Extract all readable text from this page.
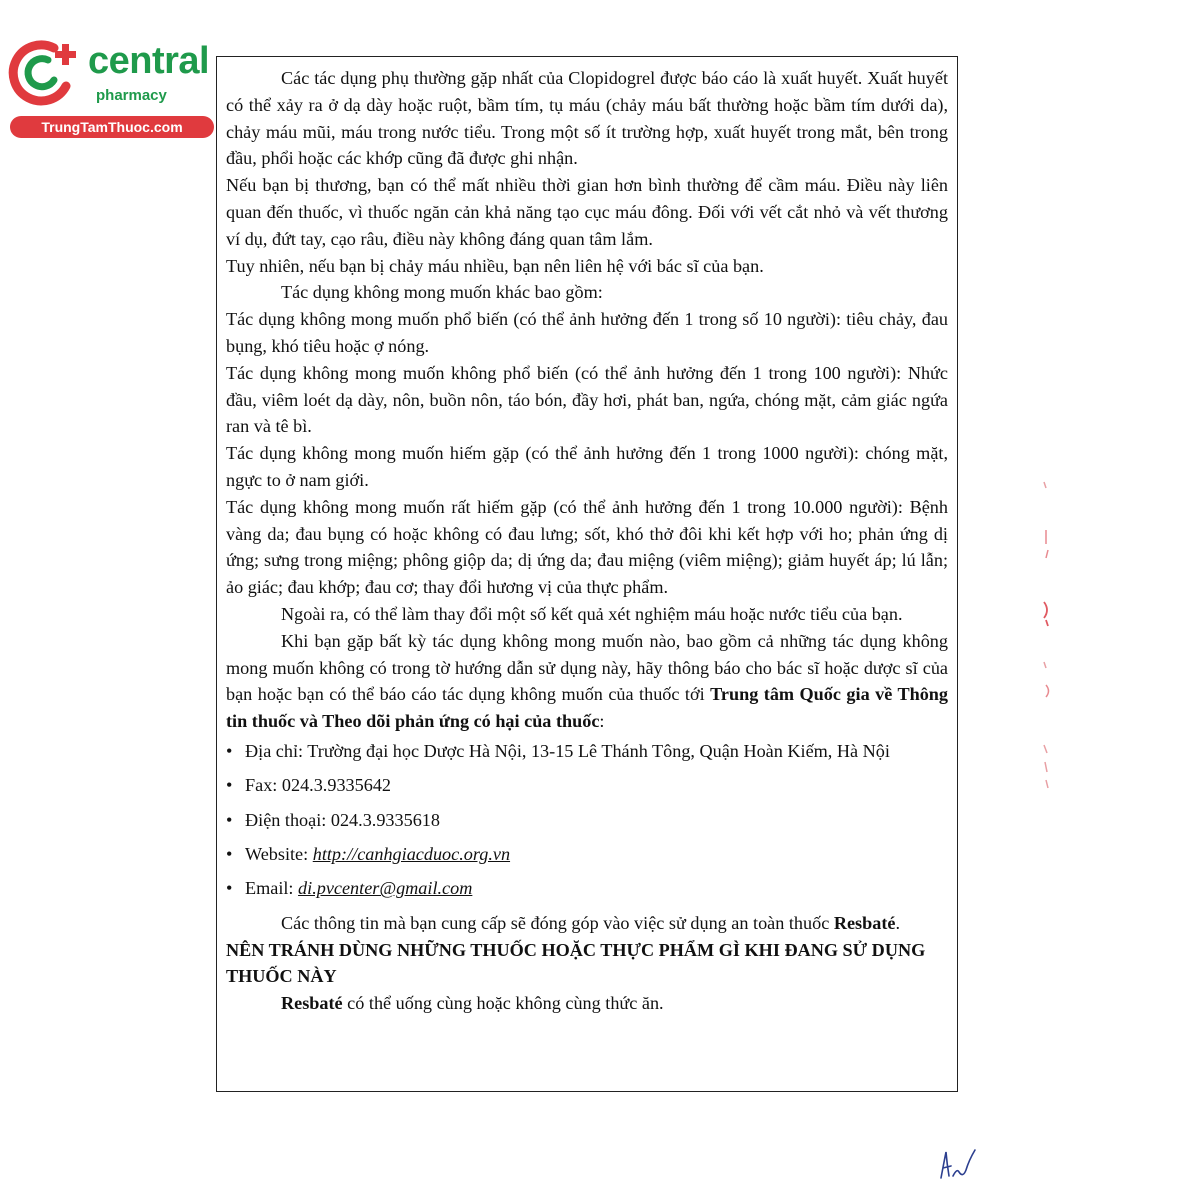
central
pharmacy
TrungTamThuoc.com

Các tác dụng phụ thường gặp nhất của Clopidogrel được báo cáo là xuất huyết. Xuất huyết có thể xảy ra ở dạ dày hoặc ruột, bầm tím, tụ máu (chảy máu bất thường hoặc bầm tím dưới da), chảy máu mũi, máu trong nước tiểu. Trong một số ít trường hợp, xuất huyết trong mắt, bên trong đầu, phổi hoặc các khớp cũng đã được ghi nhận.

Nếu bạn bị thương, bạn có thể mất nhiều thời gian hơn bình thường để cầm máu. Điều này liên quan đến thuốc, vì thuốc ngăn cản khả năng tạo cục máu đông. Đối với vết cắt nhỏ và vết thương ví dụ, đứt tay, cạo râu, điều này không đáng quan tâm lắm.

Tuy nhiên, nếu bạn bị chảy máu nhiều, bạn nên liên hệ với bác sĩ của bạn.

Tác dụng không mong muốn khác bao gồm:

Tác dụng không mong muốn phổ biến (có thể ảnh hưởng đến 1 trong số 10 người): tiêu chảy, đau bụng, khó tiêu hoặc ợ nóng.

Tác dụng không mong muốn không phổ biến (có thể ảnh hưởng đến 1 trong 100 người): Nhức đầu, viêm loét dạ dày, nôn, buồn nôn, táo bón, đầy hơi, phát ban, ngứa, chóng mặt, cảm giác ngứa ran và tê bì.

Tác dụng không mong muốn hiếm gặp (có thể ảnh hưởng đến 1 trong 1000 người): chóng mặt, ngực to ở nam giới.

Tác dụng không mong muốn rất hiếm gặp (có thể ảnh hưởng đến 1 trong 10.000 người): Bệnh vàng da; đau bụng có hoặc không có đau lưng; sốt, khó thở đôi khi kết hợp với ho; phản ứng dị ứng; sưng trong miệng; phông giộp da; dị ứng da; đau miệng (viêm miệng); giảm huyết áp; lú lẫn; ảo giác; đau khớp; đau cơ; thay đổi hương vị của thực phẩm.

Ngoài ra, có thể làm thay đổi một số kết quả xét nghiệm máu hoặc nước tiểu của bạn.

Khi bạn gặp bất kỳ tác dụng không mong muốn nào, bao gồm cả những tác dụng không mong muốn không có trong tờ hướng dẫn sử dụng này, hãy thông báo cho bác sĩ hoặc dược sĩ của bạn hoặc bạn có thể báo cáo tác dụng không muốn của thuốc tới Trung tâm Quốc gia về Thông tin thuốc và Theo dõi phản ứng có hại của thuốc:

• Địa chỉ: Trường đại học Dược Hà Nội, 13-15 Lê Thánh Tông, Quận Hoàn Kiếm, Hà Nội
• Fax: 024.3.9335642
• Điện thoại: 024.3.9335618
• Website: http://canhgiacduoc.org.vn
• Email: di.pvcenter@gmail.com

Các thông tin mà bạn cung cấp sẽ đóng góp vào việc sử dụng an toàn thuốc Resbaté.

NÊN TRÁNH DÙNG NHỮNG THUỐC HOẶC THỰC PHẨM GÌ KHI ĐANG SỬ DỤNG THUỐC NÀY

Resbaté có thể uống cùng hoặc không cùng thức ăn.
